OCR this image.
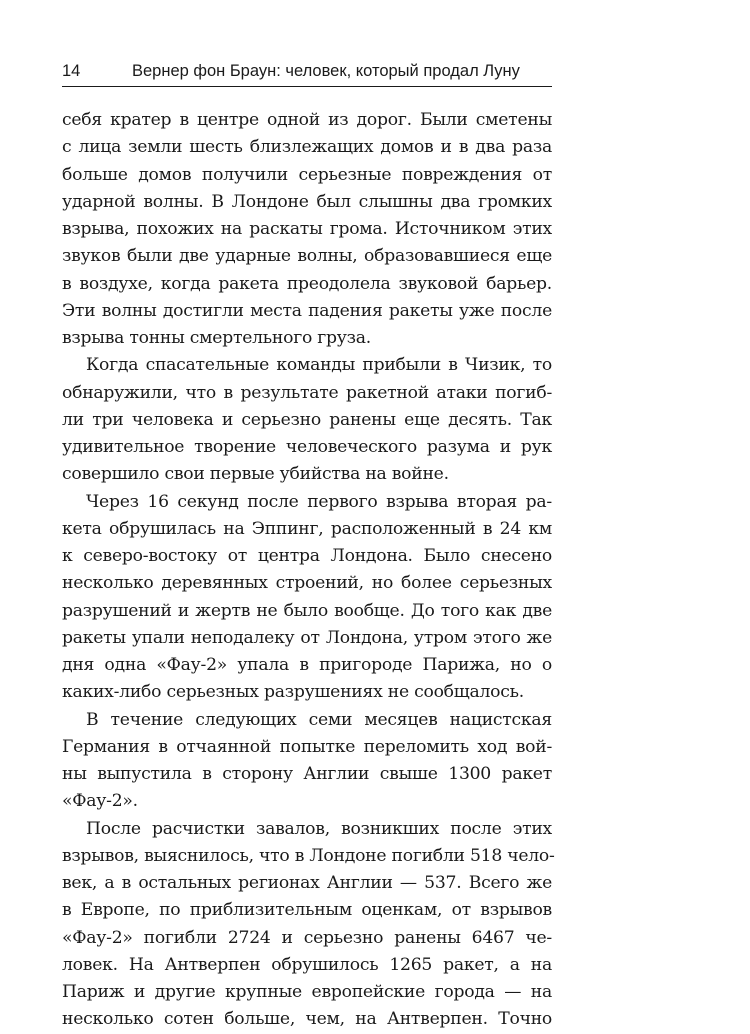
14	Вернер фон Браун: человек, который продал Луну

себя кратер в центре одной из дорог. Были сметены
с лица земли шесть близлежащих домов и в два раза
больше домов получили серьезные повреждения от
ударной волны. В Лондоне был слышны два громких
взрыва, похожих на раскаты грома. Источником этих
звуков были две ударные волны, образовавшиеся еще
в воздухе, когда ракета преодолела звуковой барьер.
Эти волны достигли места падения ракеты уже после
взрыва тонны смертельного груза.

Когда спасательные команды прибыли в Чизик, то
обнаружили, что в результате ракетной атаки погиб-
ли три человека и серьезно ранены еще десять. Так
удивительное творение человеческого разума и рук
совершило свои первые убийства на войне.

Через 16 секунд после первого взрыва вторая ра-
кета обрушилась на Эппинг, расположенный в 24 км
к северо-востоку от центра Лондона. Было снесено
несколько деревянных строений, но более серьезных
разрушений и жертв не было вообще. До того как две
ракеты упали неподалеку от Лондона, утром этого же
дня одна «Фау-2» упала в пригороде Парижа, но о
каких-либо серьезных разрушениях не сообщалось.

В течение следующих семи месяцев нацистская
Германия в отчаянной попытке переломить ход вой-
ны выпустила в сторону Англии свыше 1300 ракет
«Фау-2».

После расчистки завалов, возникших после этих
взрывов, выяснилось, что в Лондоне погибли 518 чело-
век, а в остальных регионах Англии — 537. Всего же
в Европе, по приблизительным оценкам, от взрывов
«Фау-2» погибли 2724 и серьезно ранены 6467 че-
ловек. На Антверпен обрушилось 1265 ракет, а на
Париж и другие крупные европейские города — на
несколько сотен больше, чем, на Антверпен. Точно
